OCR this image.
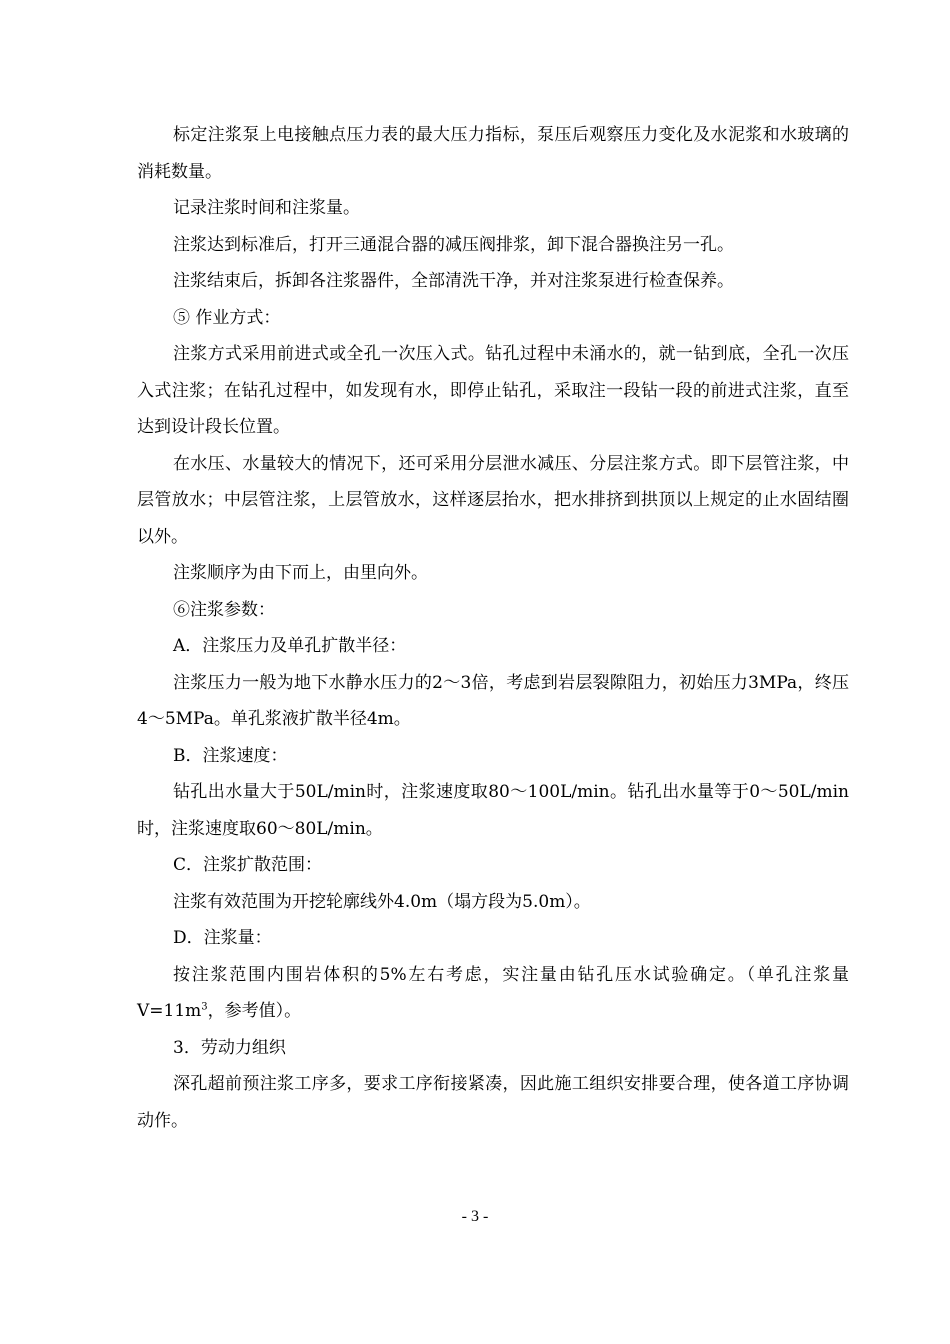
标定注浆泵上电接触点压力表的最大压力指标，泵压后观察压力变化及水泥浆和水玻璃的消耗数量。

记录注浆时间和注浆量。

注浆达到标准后，打开三通混合器的减压阀排浆，卸下混合器换注另一孔。

注浆结束后，拆卸各注浆器件，全部清洗干净，并对注浆泵进行检查保养。

⑤ 作业方式：

注浆方式采用前进式或全孔一次压入式。钻孔过程中未涌水的，就一钻到底，全孔一次压入式注浆；在钻孔过程中，如发现有水，即停止钻孔，采取注一段钻一段的前进式注浆，直至达到设计段长位置。

在水压、水量较大的情况下，还可采用分层泄水减压、分层注浆方式。即下层管注浆，中层管放水；中层管注浆，上层管放水，这样逐层抬水，把水排挤到拱顶以上规定的止水固结圈以外。

注浆顺序为由下而上，由里向外。

⑥注浆参数：

A．注浆压力及单孔扩散半径：

注浆压力一般为地下水静水压力的2～3倍，考虑到岩层裂隙阻力，初始压力3MPa，终压4～5MPa。单孔浆液扩散半径4m。

B．注浆速度：

钻孔出水量大于50L/min时，注浆速度取80～100L/min。钻孔出水量等于0～50L/min时，注浆速度取60～80L/min。

C．注浆扩散范围：

注浆有效范围为开挖轮廓线外4.0m（塌方段为5.0m）。

D．注浆量：

按注浆范围内围岩体积的5%左右考虑，实注量由钻孔压水试验确定。（单孔注浆量$V=11m^3$，参考值）。

3．劳动力组织

深孔超前预注浆工序多，要求工序衔接紧凑，因此施工组织安排要合理，使各道工序协调动作。

- 3 -
